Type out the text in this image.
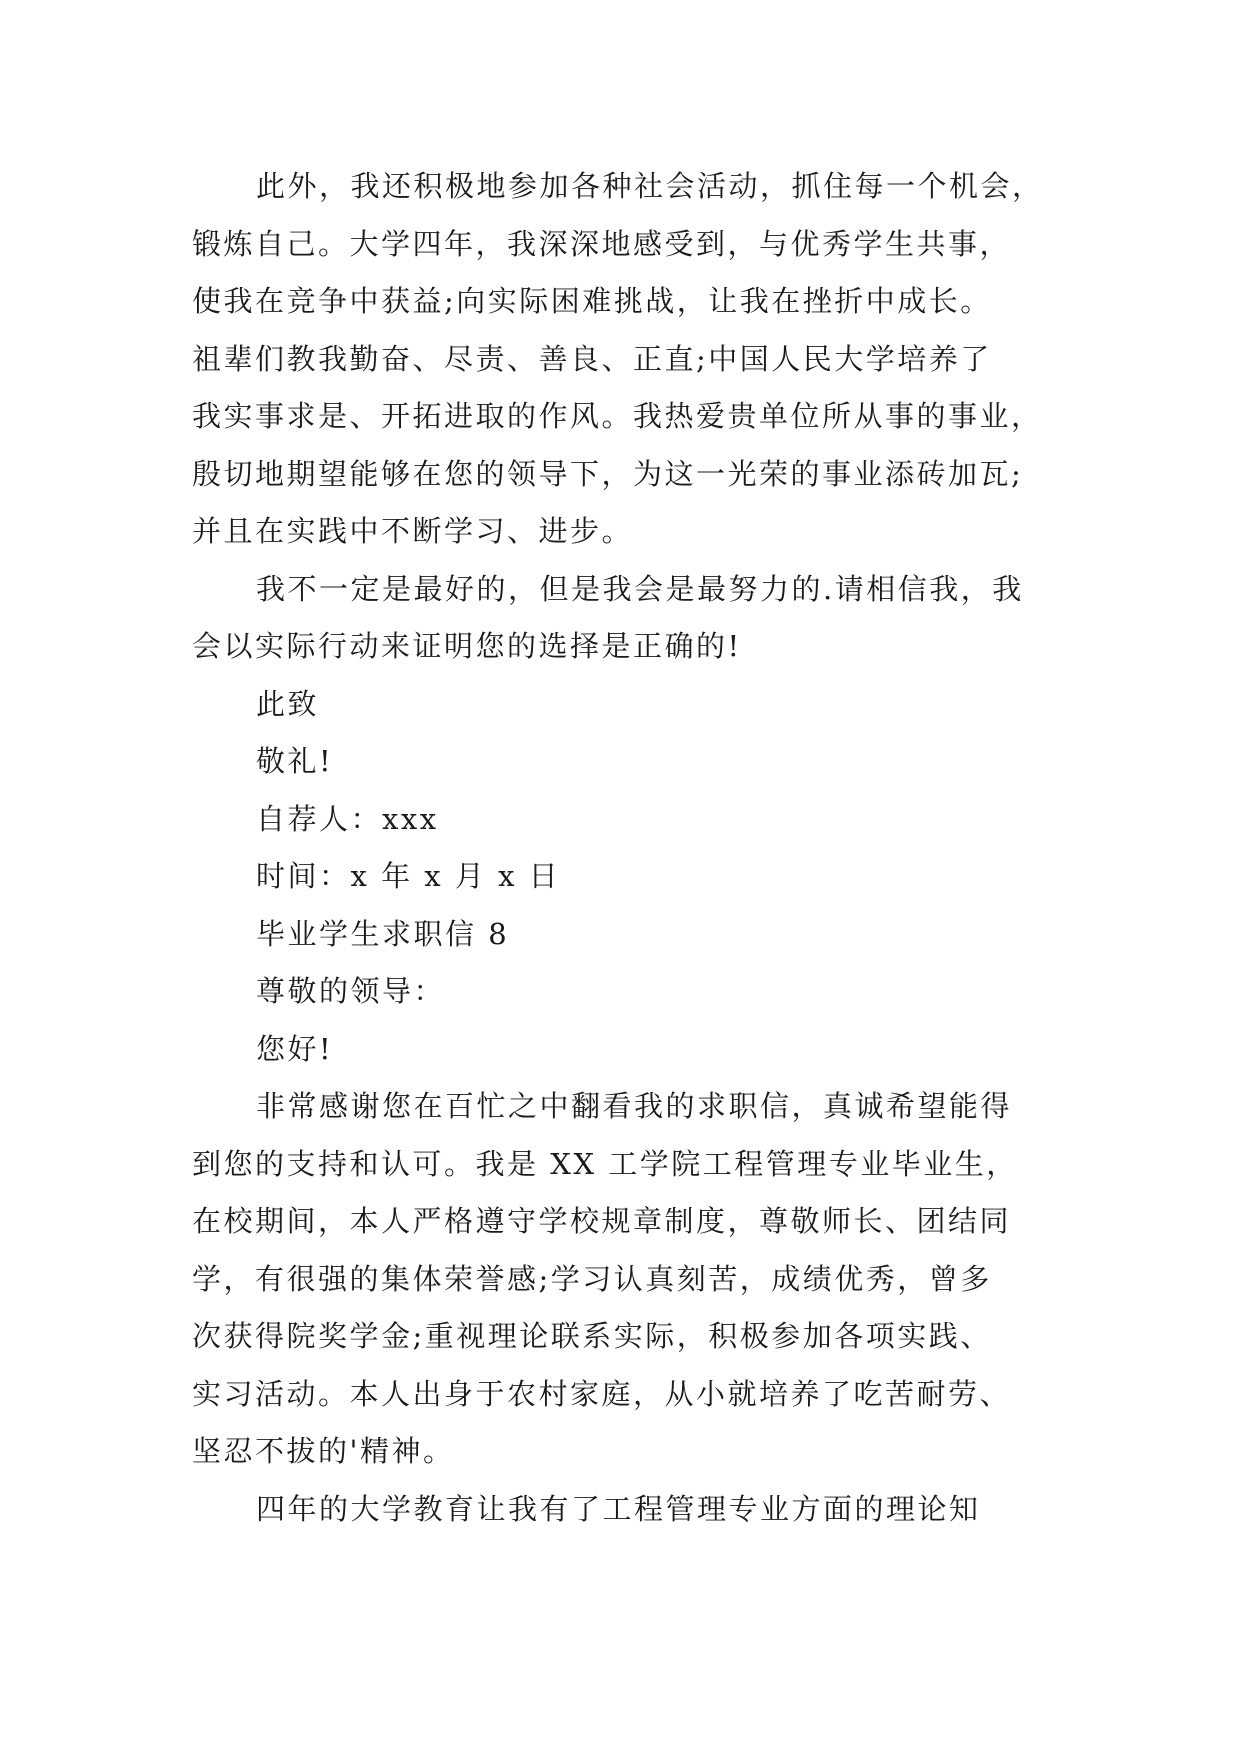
此外，我还积极地参加各种社会活动，抓住每一个机会，
锻炼自己。大学四年，我深深地感受到，与优秀学生共事，
使我在竞争中获益;向实际困难挑战，让我在挫折中成长。
祖辈们教我勤奋、尽责、善良、正直;中国人民大学培养了
我实事求是、开拓进取的作风。我热爱贵单位所从事的事业，
殷切地期望能够在您的领导下，为这一光荣的事业添砖加瓦;
并且在实践中不断学习、进步。
我不一定是最好的，但是我会是最努力的.请相信我，我
会以实际行动来证明您的选择是正确的!
此致
敬礼!
自荐人：xxx
时间：x 年 x 月 x 日
毕业学生求职信 8
尊敬的领导：
您好!
非常感谢您在百忙之中翻看我的求职信，真诚希望能得
到您的支持和认可。我是 XX 工学院工程管理专业毕业生，
在校期间，本人严格遵守学校规章制度，尊敬师长、团结同
学，有很强的集体荣誉感;学习认真刻苦，成绩优秀，曾多
次获得院奖学金;重视理论联系实际，积极参加各项实践、
实习活动。本人出身于农村家庭，从小就培养了吃苦耐劳、
坚忍不拔的'精神。
四年的大学教育让我有了工程管理专业方面的理论知
